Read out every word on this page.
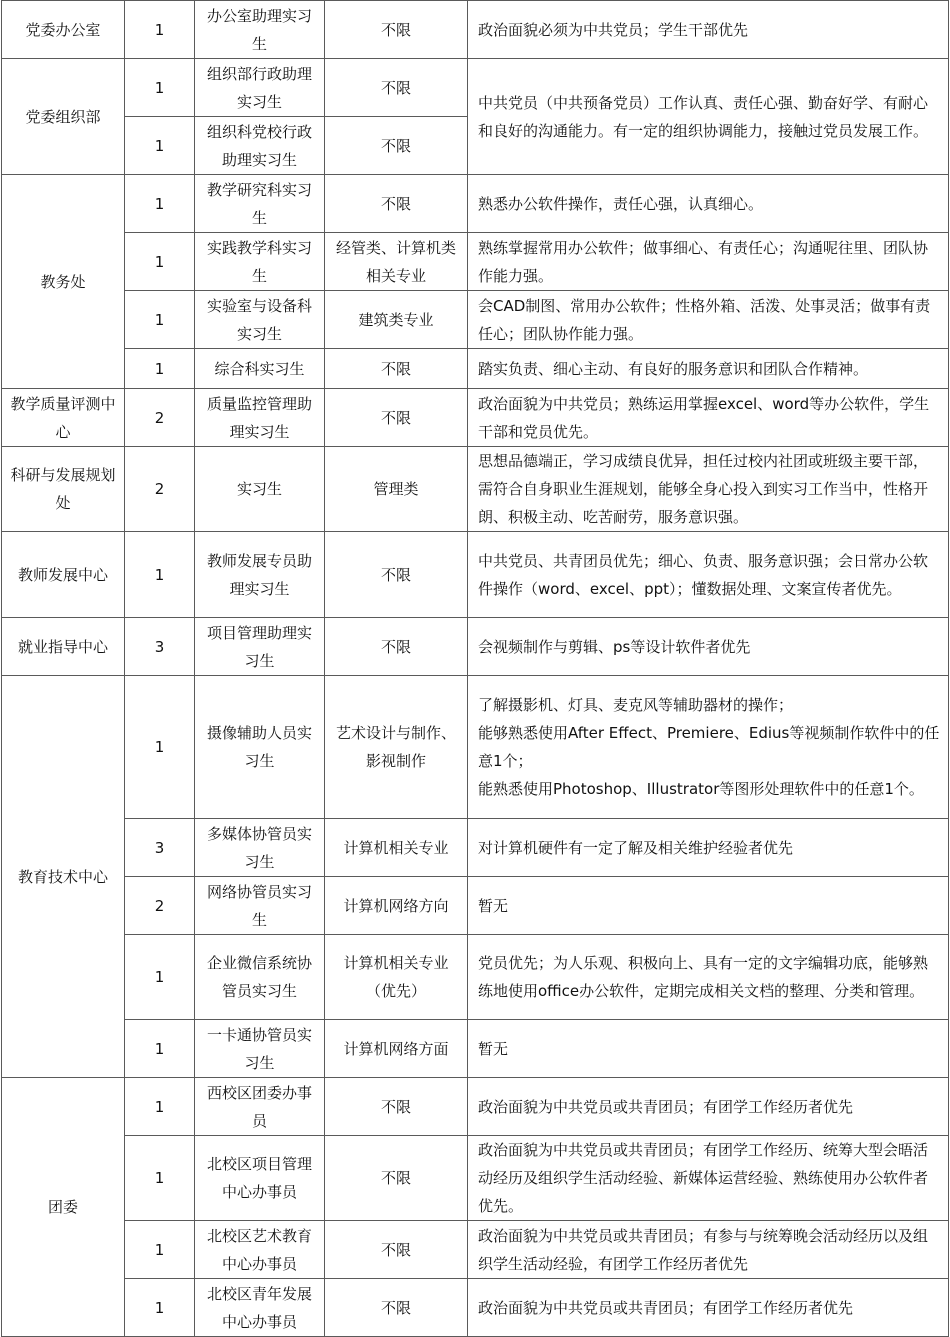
党委办公室	1	办公室助理实习生	不限	政治面貌必须为中共党员；学生干部优先
党委组织部	1	组织部行政助理实习生	不限	中共党员（中共预备党员）工作认真、责任心强、勤奋好学、有耐心和良好的沟通能力。有一定的组织协调能力，接触过党员发展工作。
	1	组织科党校行政助理实习生	不限	
教务处	1	教学研究科实习生	不限	熟悉办公软件操作，责任心强，认真细心。
	1	实践教学科实习生	经管类、计算机类相关专业	熟练掌握常用办公软件；做事细心、有责任心；沟通呢往里、团队协作能力强。
	1	实验室与设备科实习生	建筑类专业	会CAD制图、常用办公软件；性格外箱、活泼、处事灵活；做事有责任心；团队协作能力强。
	1	综合科实习生	不限	踏实负责、细心主动、有良好的服务意识和团队合作精神。
教学质量评测中心	2	质量监控管理助理实习生	不限	政治面貌为中共党员；熟练运用掌握excel、word等办公软件，学生干部和党员优先。
科研与发展规划处	2	实习生	管理类	思想品德端正，学习成绩良优异，担任过校内社团或班级主要干部，需符合自身职业生涯规划，能够全身心投入到实习工作当中，性格开朗、积极主动、吃苦耐劳，服务意识强。
教师发展中心	1	教师发展专员助理实习生	不限	中共党员、共青团员优先；细心、负责、服务意识强；会日常办公软件操作（word、excel、ppt）；懂数据处理、文案宣传者优先。
就业指导中心	3	项目管理助理实习生	不限	会视频制作与剪辑、ps等设计软件者优先
教育技术中心	1	摄像辅助人员实习生	艺术设计与制作、影视制作	了解摄影机、灯具、麦克风等辅助器材的操作；
能够熟悉使用After Effect、Premiere、Edius等视频制作软件中的任意1个；
能熟悉使用Photoshop、Illustrator等图形处理软件中的任意1个。

	3	多媒体协管员实习生	计算机相关专业	对计算机硬件有一定了解及相关维护经验者优先
	2	网络协管员实习生	计算机网络方向	暂无
	1	企业微信系统协管员实习生	计算机相关专业（优先）	党员优先；为人乐观、积极向上、具有一定的文字编辑功底，能够熟练地使用office办公软件，定期完成相关文档的整理、分类和管理。
	1	一卡通协管员实习生	计算机网络方面	暂无
团委	1	西校区团委办事员	不限	政治面貌为中共党员或共青团员；有团学工作经历者优先
	1	北校区项目管理中心办事员	不限	政治面貌为中共党员或共青团员；有团学工作经历、统筹大型会晤活动经历及组织学生活动经验、新媒体运营经验、熟练使用办公软件者优先。
	1	北校区艺术教育中心办事员	不限	政治面貌为中共党员或共青团员；有参与与统筹晚会活动经历以及组织学生活动经验，有团学工作经历者优先
	1	北校区青年发展中心办事员	不限	政治面貌为中共党员或共青团员；有团学工作经历者优先
